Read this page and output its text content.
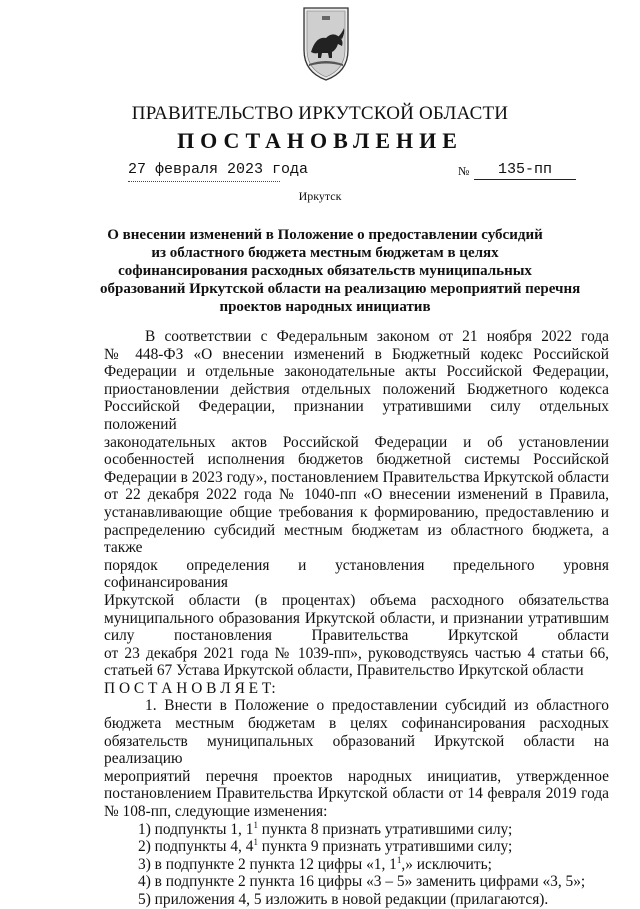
ПРАВИТЕЛЬСТВО ИРКУТСКОЙ ОБЛАСТИ
ПОСТАНОВЛЕНИЕ
27 февраля 2023 года	№	135-пп
Иркутск
О внесении изменений в Положение о предоставлении субсидий
из областного бюджета местным бюджетам в целях
софинансирования расходных обязательств муниципальных
образований Иркутской области на реализацию мероприятий перечня
проектов народных инициатив
В соответствии с Федеральным законом от 21 ноября 2022 года
№ 448-ФЗ «О внесении изменений в Бюджетный кодекс Российской
Федерации и отдельные законодательные акты Российской Федерации,
приостановлении действия отдельных положений Бюджетного кодекса
Российской Федерации, признании утратившими силу отдельных положений
законодательных актов Российской Федерации и об установлении
особенностей исполнения бюджетов бюджетной системы Российской
Федерации в 2023 году», постановлением Правительства Иркутской области
от 22 декабря 2022 года № 1040-пп «О внесении изменений в Правила,
устанавливающие общие требования к формированию, предоставлению и
распределению субсидий местным бюджетам из областного бюджета, а также
порядок определения и установления предельного уровня софинансирования
Иркутской области (в процентах) объема расходного обязательства
муниципального образования Иркутской области, и признании утратившим
силу постановления Правительства Иркутской области
от 23 декабря 2021 года № 1039-пп», руководствуясь частью 4 статьи 66,
статьей 67 Устава Иркутской области, Правительство Иркутской области
П О С Т А Н О В Л Я Е Т:
1. Внести в Положение о предоставлении субсидий из областного
бюджета местным бюджетам в целях софинансирования расходных
обязательств муниципальных образований Иркутской области на реализацию
мероприятий перечня проектов народных инициатив, утвержденное
постановлением Правительства Иркутской области от 14 февраля 2019 года
№ 108-пп, следующие изменения:
1) подпункты 1, $1^1$ пункта 8 признать утратившими силу;
2) подпункты 4, $4^1$ пункта 9 признать утратившими силу;
3) в подпункте 2 пункта 12 цифры «1, $1^1$,» исключить;
4) в подпункте 2 пункта 16 цифры «3 – 5» заменить цифрами «3, 5»;
5) приложения 4, 5 изложить в новой редакции (прилагаются).
